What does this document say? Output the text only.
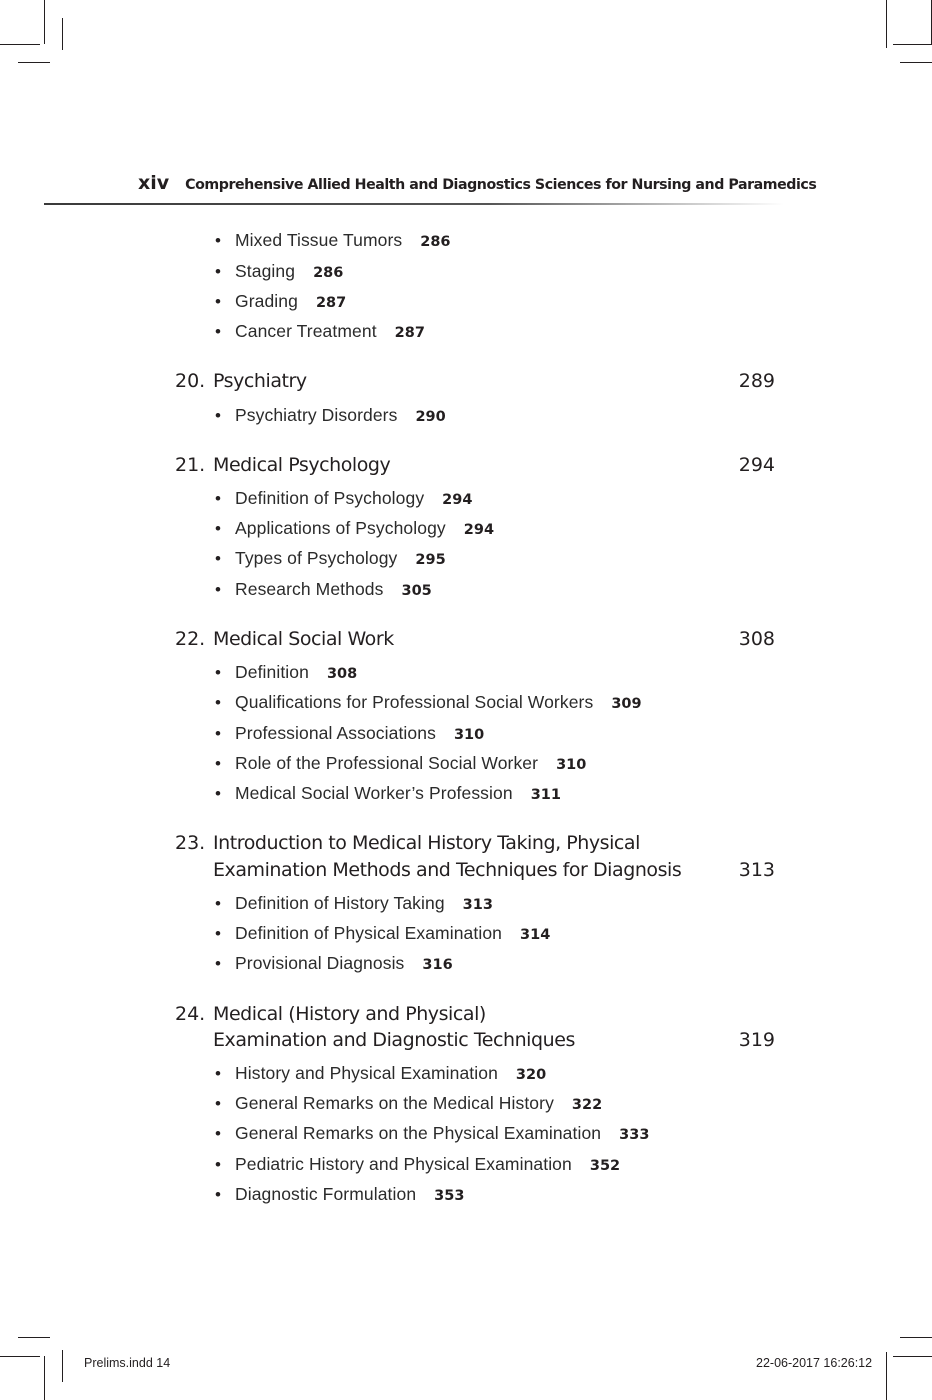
xiv Comprehensive Allied Health and Diagnostics Sciences for Nursing and Paramedics
• Mixed Tissue Tumors 286
• Staging 286
• Grading 287
• Cancer Treatment 287
20. Psychiatry	289
• Psychiatry Disorders 290
21. Medical Psychology	294
• Definition of Psychology 294
• Applications of Psychology 294
• Types of Psychology 295
• Research Methods 305
22. Medical Social Work	308
• Definition 308
• Qualifications for Professional Social Workers 309
• Professional Associations 310
• Role of the Professional Social Worker 310
• Medical Social Worker’s Profession 311
23. Introduction to Medical History Taking, Physical
Examination Methods and Techniques for Diagnosis	313
• Definition of History Taking 313
• Definition of Physical Examination 314
• Provisional Diagnosis 316
24. Medical (History and Physical)
Examination and Diagnostic Techniques	319
• History and Physical Examination 320
• General Remarks on the Medical History 322
• General Remarks on the Physical Examination 333
• Pediatric History and Physical Examination 352
• Diagnostic Formulation 353
Prelims.indd 14	22-06-2017 16:26:12
